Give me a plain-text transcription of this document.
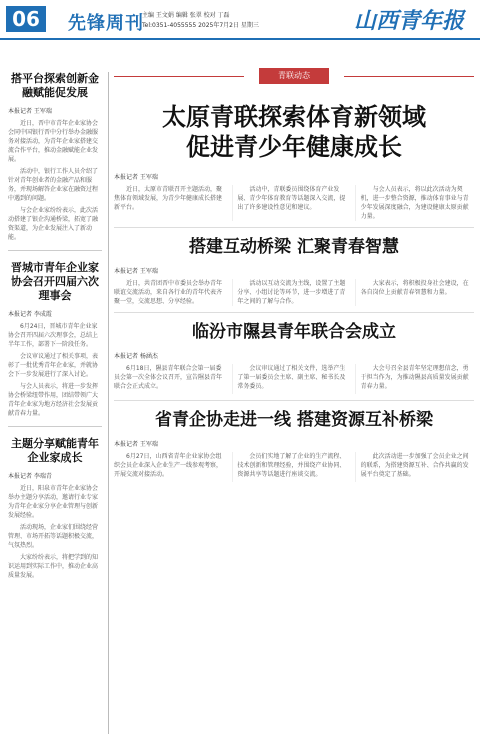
06	先锋周刊
主编 王文娟 编辑 张翠 校对 丁磊
Tel:0351-4055555 2025年7月2日 星期三	山西青年报
搭平台探索创新金融赋能促发展
本报记者 王军瑞

近日，晋中市青年企业家协会会同中国银行晋中分行举办金融服务对接活动，为青年企业家搭建交流合作平台，推动金融赋能企业发展。

活动中，银行工作人员介绍了针对青年创业者的金融产品和服务，并现场解答企业家在融资过程中遇到的问题。

与会企业家纷纷表示，此次活动搭建了银企沟通桥梁，拓宽了融资渠道，为企业发展注入了新动能。

晋城市青年企业家协会召开四届六次理事会
本报记者 李成霞

6月24日，晋城市青年企业家协会召开四届六次理事会，总结上半年工作，部署下一阶段任务。

会议审议通过了相关事项，表彰了一批优秀青年企业家，并就协会下一步发展进行了深入讨论。

与会人员表示，将进一步发挥协会桥梁纽带作用，团结带领广大青年企业家为地方经济社会发展贡献青春力量。

主题分享赋能青年企业家成长
本报记者 李瑞青

近日，阳泉市青年企业家协会举办主题分享活动，邀请行业专家为青年企业家分享企业管理与创新发展经验。

活动现场，企业家们围绕经营管理、市场开拓等话题积极交流，气氛热烈。

大家纷纷表示，将把学到的知识运用到实际工作中，推动企业高质量发展。

青联动态
太原青联探索体育新领域
促进青少年健康成长
本报记者 王军瑞

近日，太原市青联召开主题活动，聚焦体育领域发展，为青少年健康成长搭建新平台。

活动中，青联委员围绕体育产业发展、青少年体育教育等话题深入交流，提出了许多建设性意见和建议。

与会人员表示，将以此次活动为契机，进一步整合资源，推动体育事业与青少年发展深度融合，为建设健康太原贡献力量。

搭建互动桥梁 汇聚青春智慧
本报记者 王军瑞

近日，共青团晋中市委员会举办青年联谊交流活动，来自各行业的青年代表齐聚一堂，交流思想、分享经验。

活动以互动交流为主线，设置了主题分享、小组讨论等环节，进一步增进了青年之间的了解与合作。

大家表示，将积极投身社会建设，在各自岗位上贡献青春智慧和力量。

临汾市隰县青年联合会成立
本报记者 杨涵杰

6月18日，隰县青年联合会第一届委员会第一次全体会议召开，宣告隰县青年联合会正式成立。

会议审议通过了相关文件，选举产生了第一届委员会主席、副主席、秘书长及常务委员。

大会号召全县青年坚定理想信念，勇于担当作为，为推动隰县高质量发展贡献青春力量。

省青企协走进一线 搭建资源互补桥梁
本报记者 王军瑞

6月27日，山西省青年企业家协会组织会员企业深入企业生产一线参观考察，开展交流对接活动。

会员们实地了解了企业的生产流程、技术创新和管理经验，并围绕产业协同、资源共享等话题进行座谈交流。

此次活动进一步加强了会员企业之间的联系，为搭建资源互补、合作共赢的发展平台奠定了基础。
